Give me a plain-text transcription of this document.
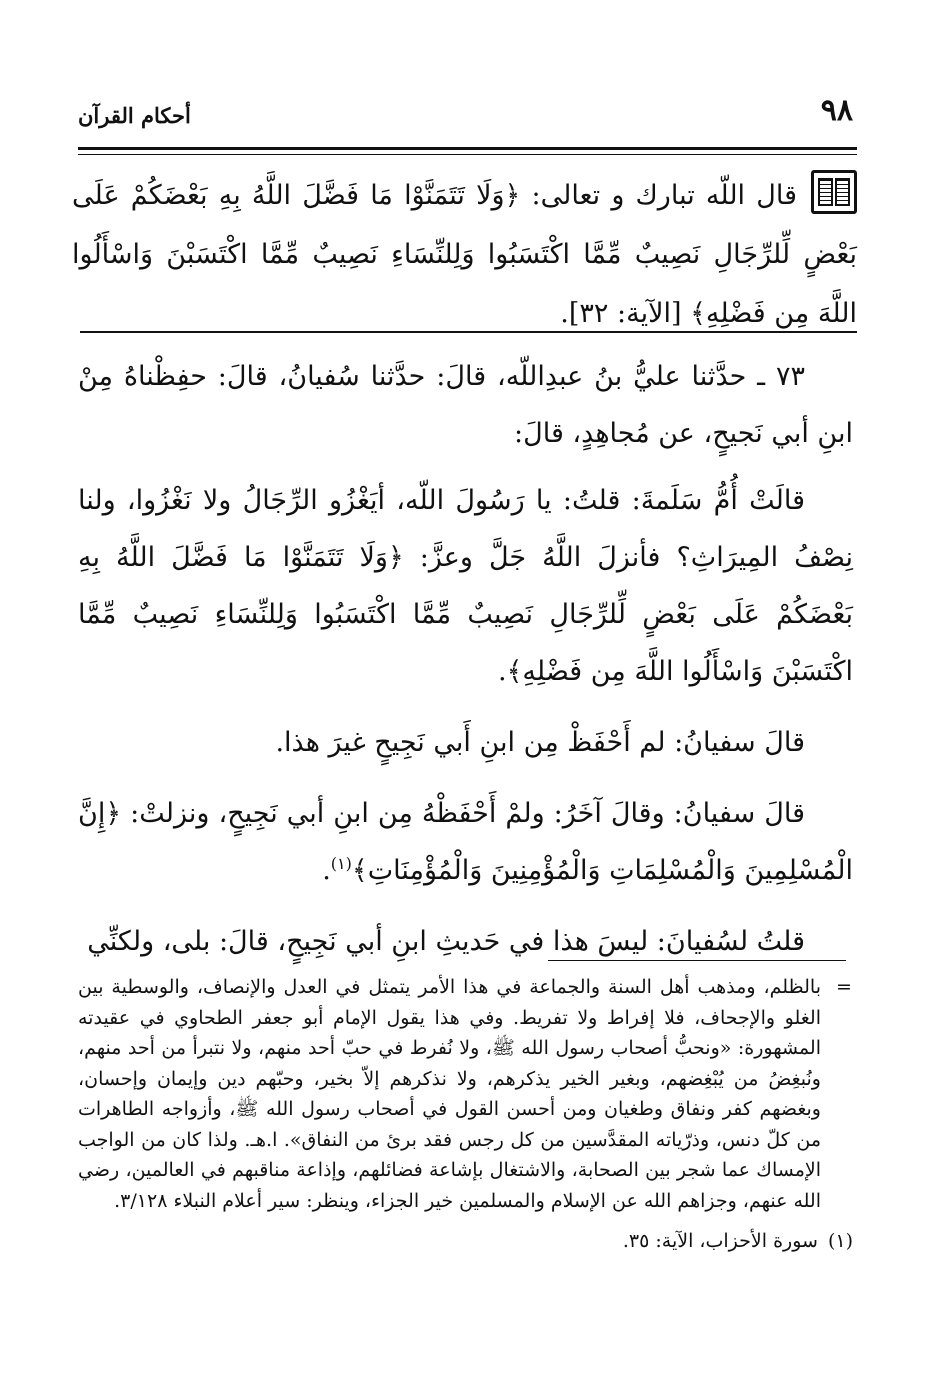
٩٨
أحكام القرآن
قال اللّه تبارك و تعالى: ﴿وَلَا تَتَمَنَّوْا مَا فَضَّلَ اللَّهُ بِهِ بَعْضَكُمْ عَلَى بَعْضٍ لِّلرِّجَالِ نَصِيبٌ مِّمَّا اكْتَسَبُوا وَلِلنِّسَاءِ نَصِيبٌ مِّمَّا اكْتَسَبْنَ وَاسْأَلُوا اللَّهَ مِن فَضْلِهِ﴾ [الآية: ٣٢].

٧٣ ـ حدَّثنا عليُّ بنُ عبدِاللّه، قالَ: حدَّثنا سُفيانُ، قالَ: حفِظْناهُ مِنْ ابنِ أبي نَجيحٍ، عن مُجاهِدٍ، قالَ:

قالَتْ أُمُّ سَلَمةَ: قلتُ: يا رَسُولَ اللّه، أيَغْزُو الرِّجَالُ ولا نَغْزُوا، ولنا نِصْفُ المِيرَاثِ؟ فأنزلَ اللَّهُ جَلَّ وعزَّ: ﴿وَلَا تَتَمَنَّوْا مَا فَضَّلَ اللَّهُ بِهِ بَعْضَكُمْ عَلَى بَعْضٍ لِّلرِّجَالِ نَصِيبٌ مِّمَّا اكْتَسَبُوا وَلِلنِّسَاءِ نَصِيبٌ مِّمَّا اكْتَسَبْنَ وَاسْأَلُوا اللَّهَ مِن فَضْلِهِ﴾.

قالَ سفيانُ: لم أَحْفَظْ مِن ابنِ أَبي نَجِيحٍ غيرَ هذا.

قالَ سفيانُ: وقالَ آخَرُ: ولمْ أَحْفَظْهُ مِن ابنِ أبي نَجِيحٍ، ونزلتْ: ﴿إِنَّ الْمُسْلِمِينَ وَالْمُسْلِمَاتِ وَالْمُؤْمِنِينَ وَالْمُؤْمِنَاتِ﴾$^{(١)}$.

قلتُ لسُفيانَ: ليسَ هذا في حَديثِ ابنِ أبي نَجِيحٍ، قالَ: بلى، ولكنِّي

=
بالظلم، ومذهب أهل السنة والجماعة في هذا الأمر يتمثل في العدل والإنصاف، والوسطية بين الغلو والإجحاف، فلا إفراط ولا تفريط. وفي هذا يقول الإمام أبو جعفر الطحاوي في عقيدته المشهورة: «ونحبُّ أصحاب رسول الله ﷺ، ولا نُفرط في حبّ أحد منهم، ولا نتبرأ من أحد منهم، ونُبغِضُ من يُبْغِضهم، وبغير الخير يذكرهم، ولا نذكرهم إلاّ بخير، وحبّهم دين وإيمان وإحسان، وبغضهم كفر ونفاق وطغيان ومن أحسن القول في أصحاب رسول الله ﷺ، وأزواجه الطاهرات من كلّ دنس، وذرّياته المقدَّسين من كل رجس فقد برئ من النفاق». ا.هـ. ولذا كان من الواجب الإمساك عما شجر بين الصحابة، والاشتغال بإشاعة فضائلهم، وإذاعة مناقبهم في العالمين، رضي الله عنهم، وجزاهم الله عن الإسلام والمسلمين خير الجزاء، وينظر: سير أعلام النبلاء ٣/١٢٨.
(١)
سورة الأحزاب، الآية: ٣٥.
